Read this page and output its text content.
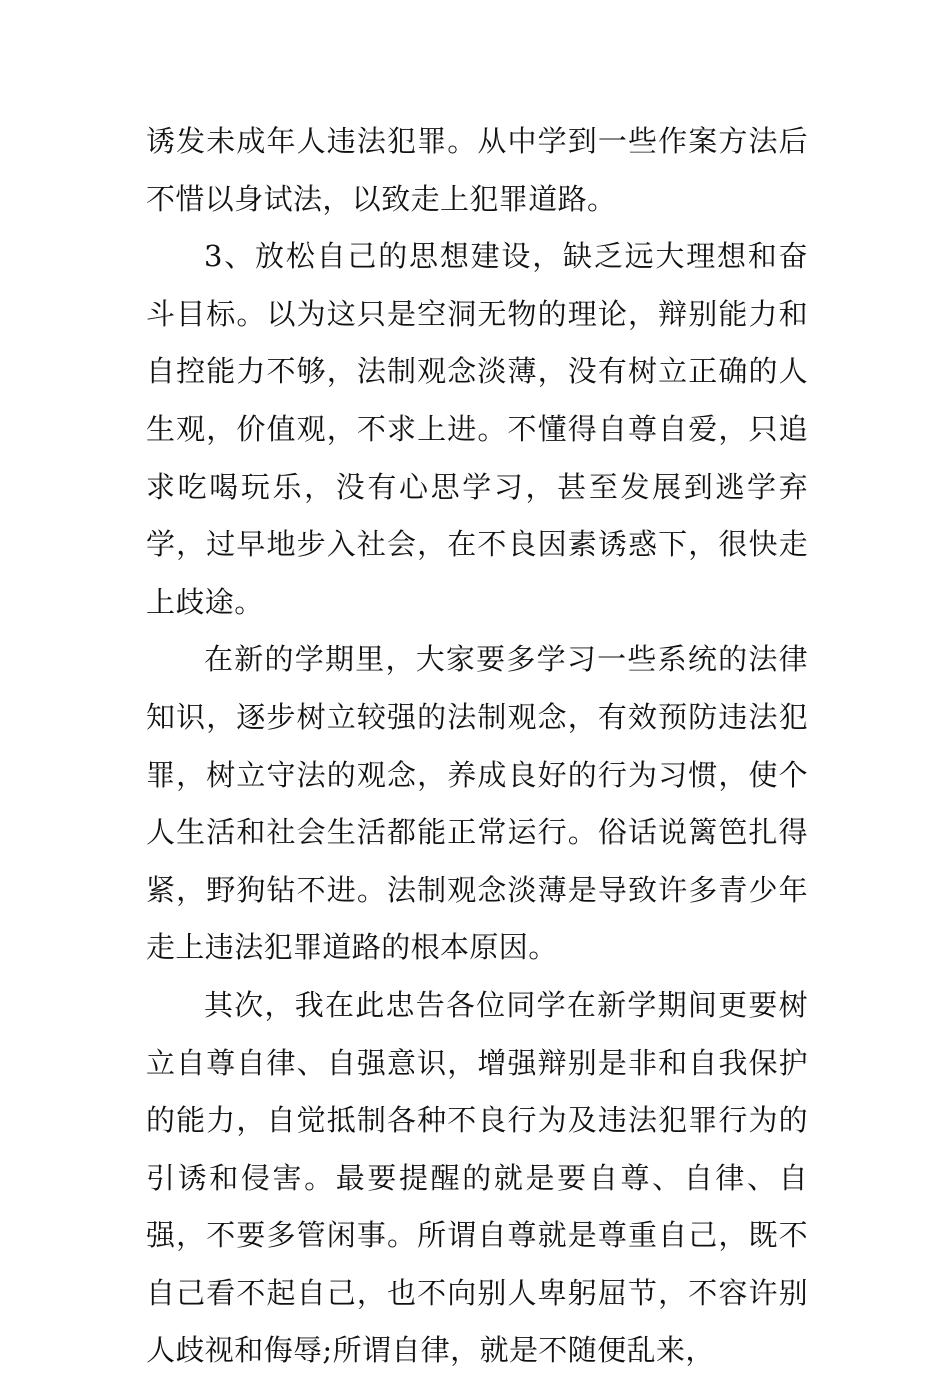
诱发未成年人违法犯罪。从中学到一些作案方法后不惜以身试法，以致走上犯罪道路。

3、放松自己的思想建设，缺乏远大理想和奋斗目标。以为这只是空洞无物的理论，辩别能力和自控能力不够，法制观念淡薄，没有树立正确的人生观，价值观，不求上进。不懂得自尊自爱，只追求吃喝玩乐，没有心思学习，甚至发展到逃学弃学，过早地步入社会，在不良因素诱惑下，很快走上歧途。

在新的学期里，大家要多学习一些系统的法律知识，逐步树立较强的法制观念，有效预防违法犯罪，树立守法的观念，养成良好的行为习惯，使个人生活和社会生活都能正常运行。俗话说篱笆扎得紧，野狗钻不进。法制观念淡薄是导致许多青少年走上违法犯罪道路的根本原因。

其次，我在此忠告各位同学在新学期间更要树立自尊自律、自强意识，增强辩别是非和自我保护的能力，自觉抵制各种不良行为及违法犯罪行为的引诱和侵害。最要提醒的就是要自尊、自律、自强，不要多管闲事。所谓自尊就是尊重自己，既不自己看不起自己，也不向别人卑躬屈节，不容许别人歧视和侮辱;所谓自律，就是不随便乱来，
